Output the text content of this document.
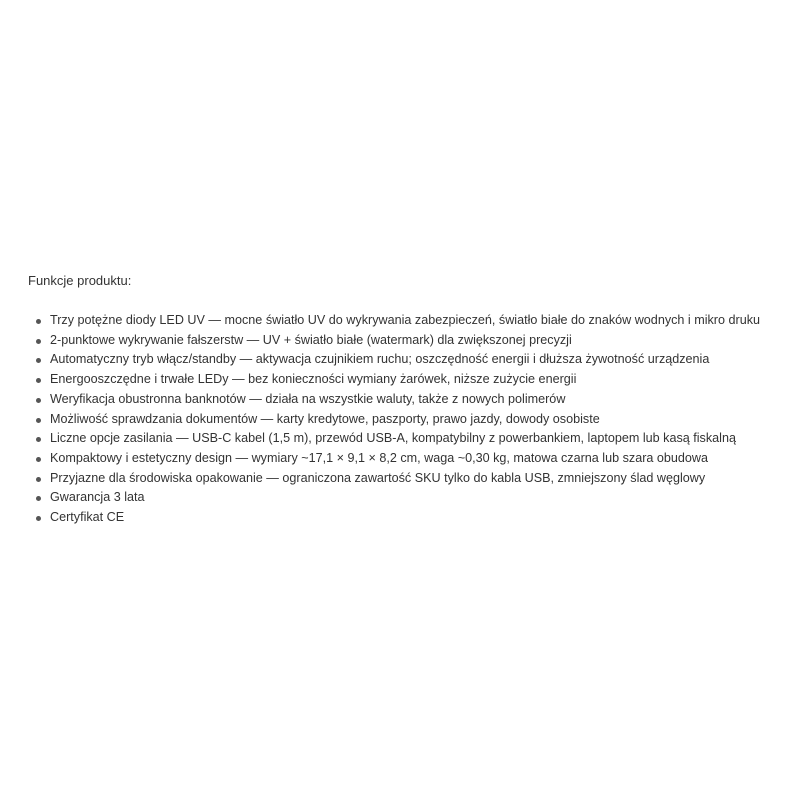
Funkcje produktu:
Trzy potężne diody LED UV — mocne światło UV do wykrywania zabezpieczeń, światło białe do znaków wodnych i mikro druku
2-punktowe wykrywanie fałszerstw — UV + światło białe (watermark) dla zwiększonej precyzji
Automatyczny tryb włącz/standby — aktywacja czujnikiem ruchu; oszczędność energii i dłuższa żywotność urządzenia
Energooszczędne i trwałe LEDy — bez konieczności wymiany żarówek, niższe zużycie energii
Weryfikacja obustronna banknotów — działa na wszystkie waluty, także z nowych polimerów
Możliwość sprawdzania dokumentów — karty kredytowe, paszporty, prawo jazdy, dowody osobiste
Liczne opcje zasilania — USB-C kabel (1,5 m), przewód USB-A, kompatybilny z powerbankiem, laptopem lub kasą fiskalną
Kompaktowy i estetyczny design — wymiary ~17,1 × 9,1 × 8,2 cm, waga ~0,30 kg, matowa czarna lub szara obudowa
Przyjazne dla środowiska opakowanie — ograniczona zawartość SKU tylko do kabla USB, zmniejszony ślad węglowy
Gwarancja 3 lata
Certyfikat CE
